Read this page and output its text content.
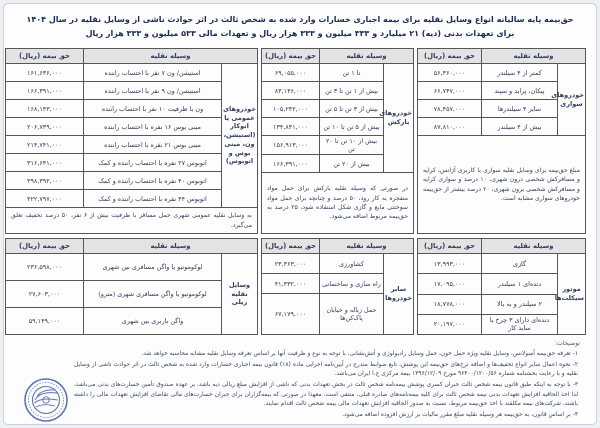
حق‌بیمه پایه سالیانه انواع وسایل نقلیه برای بیمه اجباری خسارات وارد شده به شخص ثالث در اثر حوادث ناشی از وسایل نقلیه در سال ۱۴۰۴
برای تعهدات بدنی (دیه) ۲۱ میلیارد و ۳۳۳ میلیون و ۳۳۳ هزار ریال و تعهدات مالی ۵۳۳ میلیون و ۳۳۳ هزار ریال
وسیله نقلیه		حق بیمه (ریال)
خودروهای سواری	کمتر از ۴ سیلندر	۵۶,۳۶۰,۰۰۰
	پیکان، پراید و سپند	۶۶,۷۴۷,۰۰۰
	سایر ۴ سیلندرها	۷۸,۴۵۷,۰۰۰
	بیش از ۴ سیلندر	۸۷,۸۱۰,۰۰۰
مبلغ حق‌بیمه برای وسایل نقلیه سواری با کاربری آژانس، کرایه و مسافرکش شخصی درون شهری، ۱۰ درصد و سواری کرایه و مسافرکش شخصی برون شهری، ۲۰ درصد بیشتر از حق‌بیمه خودروهای سواری مشابه است.		
وسیله نقلیه		حق بیمه (ریال)
خودروهای بارکش	تا ۱ تن	۶۹,۰۵۵,۰۰۰
	بیش از ۱ تن تا ۳ تن	۸۳,۱۴۶,۰۰۰
	بیش از ۳ تن تا ۵ تن	۱۰۵,۲۴۲,۰۰۰
	بیش از ۵ تن تا ۱۰ تن	۱۳۴,۸۴۱,۰۰۰
	بیش از ۱۰ تن تا ۲۰ تن	۱۵۶,۹۱۳,۰۰۰
	بیش از ۲۰ تن	۱۶۶,۳۹۱,۰۰۰
در صورتی که وسیله نقلیه بارکش برای حمل مواد منفجره به کار رود، ۵۰ درصد و چنانچه برای حمل مواد سوختنی مایع و گازی شکل استفاده شود، ۲۵ درصد به حق‌بیمه مربوط اضافه می‌شود.		
وسیله نقلیه		حق بیمه (ریال)
خودروهای عمومی یا اتوکار (استیشن، ون، مینی بوس و اتوبوس)	استیشن/ ون ۷ نفر با احتساب راننده	۱۶۱,۶۳۶,۰۰۰
	استیشن/ ون ۹ نفر با احتساب راننده	۱۶۶,۳۹۱,۰۰۰
	ون با ظرفیت ۱۰ نفر با احتساب راننده	۱۶۸,۱۴۳,۰۰۰
	مینی بوس ۱۶ نفره با احتساب راننده	۲۰۶,۷۳۹,۰۰۰
	مینی بوس ۲۱ نفره با احتساب راننده	۲۱۴,۷۴۱,۰۰۰
	اتوبوس ۲۷ نفره با احتساب راننده و کمک	۳۱۶,۶۴۱,۰۰۰
	اتوبوس ۴۰ نفره با احتساب راننده و کمک	۳۹۸,۳۹۲,۰۰۰
	اتوبوس ۴۴ نفره با احتساب راننده و کمک	۴۲۲,۷۹۷,۰۰۰
به وسایل نقلیه عمومی شهری حمل مسافر با ظرفیت بیش از ۶ نفر، ۵۰ درصد تخفیف تعلق می‌گیرد.		
وسیله نقلیه		حق بیمه (ریال)
موتور سیکلت‌ها	گازی	۱۳,۹۹۳,۰۰۰
	دنده‌ای ۱ سیلندر	۱۷,۰۹۵,۰۰۰
	۲ سیلندر و به بالا	۱۸,۷۷۸,۰۰۰
	دنده‌ای دارای ۳ چرخ یا ساید کار	۲۰,۱۹۷,۰۰۰
وسیله نقلیه		حق بیمه (ریال)
سایر خودروها	کشاورزی	۲۳,۳۶۳,۰۰۰
	راه سازی و ساختمانی	۴۱,۳۳۲,۰۰۰
	حمل زباله و خیابان پاک‌کن‌ها	۶۷,۱۷۹,۰۰۰
وسیله نقلیه		حق بیمه (ریال)
وسایل نقلیه ریلی	لوکوموتیو یا واگن مسافری بین شهری	۲۳۶,۵۹۸,۰۰۰
	لوکوموتیو یا واگن مسافری شهری (مترو)	۲۷,۶۰۳,۰۰۰
	واگن باربری بین شهری	۵۹,۱۴۹,۰۰۰
توضیحات:
۱- تعرفه حق‌بیمه آمبولانس، وسایل نقلیه ویژه حمل خون، حمل وسایل رادیولوژی و آتش‌نشانی، با توجه به نوع و ظرفیت آنها بر اساس تعرفه وسایل نقلیه مشابه محاسبه خواهد شد.
۲- نحوه اعمال سایر انواع تخفیف‌ها و اضافه نرخ‌های حق‌بیمه این پوشش، تابع ضوابط مندرج در آیین‌نامه اجرایی ماده (۱۸) قانون بیمه اجباری خسارات وارد شده به شخص ثالث در اثر حوادث ناشی از وسایل نقلیه و با رعایت بخشنامه شماره ۹۶۴۰۰/۱۲۰۰/۵۶ مورخ ۱۳۹۶/۱۲/۰۹ بیمه مرکزی ج.ا ایران می‌باشد.
۳- با توجه به اینکه طبق قانون بیمه شخص ثالث جبران کسری پوشش بیمه‌نامه شخص ثالث در بخش تعهدات بدنی که ناشی از افزایش مبلغ ریالی دیه باشد، بر عهده صندوق تأمین خسارت‌های بدنی می‌باشد، لذا اخذ الحاقیه افزایش تعهدات بدنی بیمه شخص ثالث برای کلیه بیمه‌نامه‌های صادره قبلی، منتفی است. معهذا در صورتی که بیمه‌گزاران برای جبران خسارت‌های مالی تقاضای افزایش تعهدات مالی را داشته باشند، شرکت‌های بیمه مکلفند با اخذ حق‌بیمه مربوط، نسبت به صدور الحاقیه افزایش تعهدات مالی بیمه شخص ثالث اقدام نمایند.
۴- بر اساس قانون، به حق‌بیمه هر وسیله نقلیه مبلغ مقرر مالیات بر ارزش افزوده اضافه می‌شود.
